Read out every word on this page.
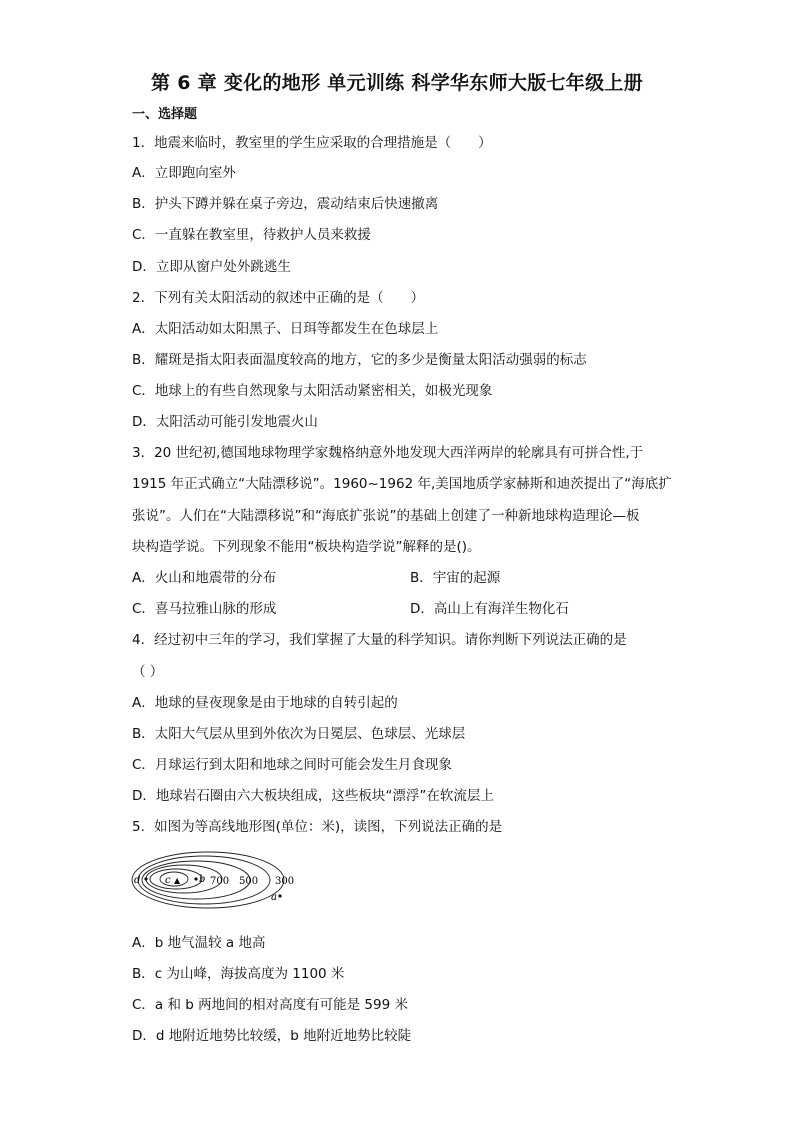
第 6 章 变化的地形 单元训练 科学华东师大版七年级上册
一、选择题
1．地震来临时，教室里的学生应采取的合理措施是（　　）
A．立即跑向室外
B．护头下蹲并躲在桌子旁边，震动结束后快速撤离
C．一直躲在教室里，待救护人员来救援
D．立即从窗户处外跳逃生
2．下列有关太阳活动的叙述中正确的是（　　）
A．太阳活动如太阳黑子、日珥等都发生在色球层上
B．耀斑是指太阳表面温度较高的地方，它的多少是衡量太阳活动强弱的标志
C．地球上的有些自然现象与太阳活动紧密相关，如极光现象
D．太阳活动可能引发地震火山
3．20 世纪初,德国地球物理学家魏格纳意外地发现大西洋两岸的轮廓具有可拼合性,于
1915 年正式确立“大陆漂移说”。1960~1962 年,美国地质学家赫斯和迪茨提出了“海底扩
张说”。人们在“大陆漂移说”和“海底扩张说”的基础上创建了一种新地球构造理论—板
块构造学说。下列现象不能用“板块构造学说”解释的是()。
A．火山和地震带的分布	B．宇宙的起源
C．喜马拉雅山脉的形成	D．高山上有海洋生物化石
4．经过初中三年的学习，我们掌握了大量的科学知识。请你判断下列说法正确的是
（ ）
A．地球的昼夜现象是由于地球的自转引起的
B．太阳大气层从里到外依次为日冕层、色球层、光球层
C．月球运行到太阳和地球之间时可能会发生月食现象
D．地球岩石圈由六大板块组成，这些板块“漂浮”在软流层上
5．如图为等高线地形图(单位：米)，读图，下列说法正确的是
c ▲ b
d	700 500 300
a
A．b 地气温较 a 地高
B．c 为山峰，海拔高度为 1100 米
C．a 和 b 两地间的相对高度有可能是 599 米
D．d 地附近地势比较缓，b 地附近地势比较陡
